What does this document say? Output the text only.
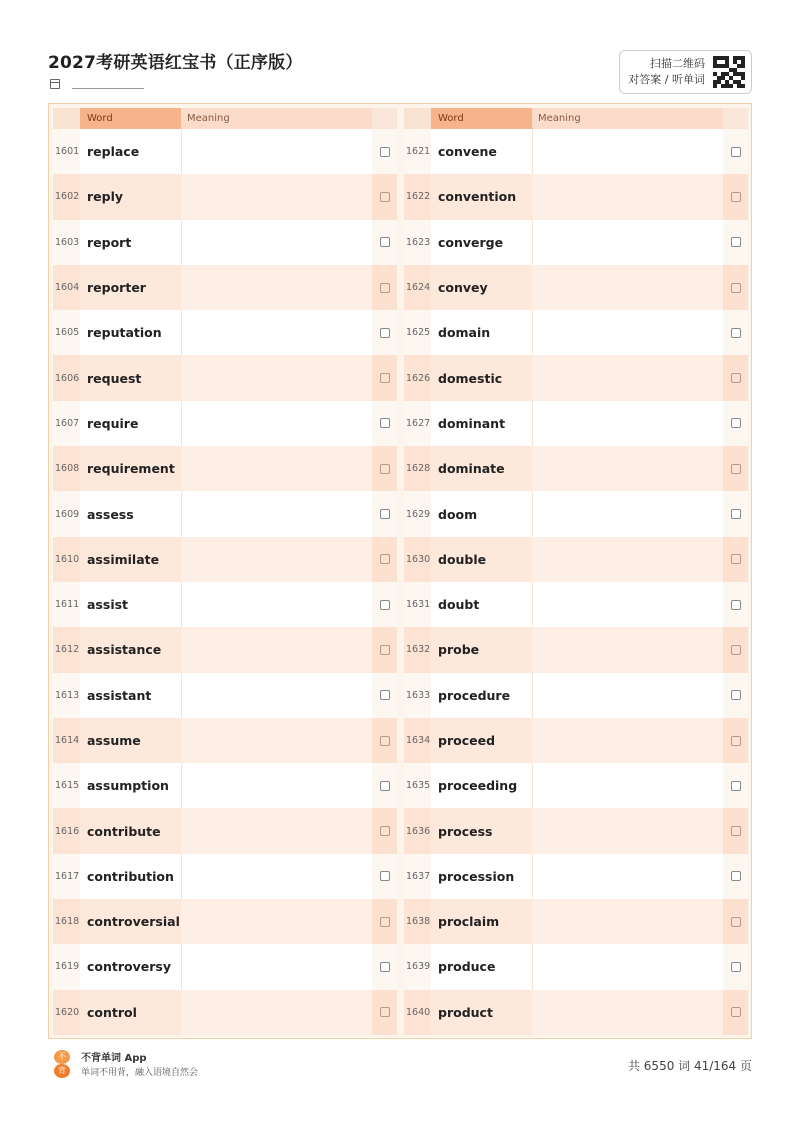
2027考研英语红宝书（正序版）	扫描二维码
对答案 / 听单词
Word	Meaning
1601 replace
1602 reply
1603 report
1604 reporter
1605 reputation
1606 request
1607 require
1608 requirement
1609 assess
1610 assimilate
1611 assist
1612 assistance
1613 assistant
1614 assume
1615 assumption
1616 contribute
1617 contribution
1618 controversial
1619 controversy
1620 control
Word	Meaning
1621 convene
1622 convention
1623 converge
1624 convey
1625 domain
1626 domestic
1627 dominant
1628 dominate
1629 doom
1630 double
1631 doubt
1632 probe
1633 procedure
1634 proceed
1635 proceeding
1636 process
1637 procession
1638 proclaim
1639 produce
1640 product
不
背
不背单词 App
单词不用背，融入语境自然会	共 6550 词 41/164 页
